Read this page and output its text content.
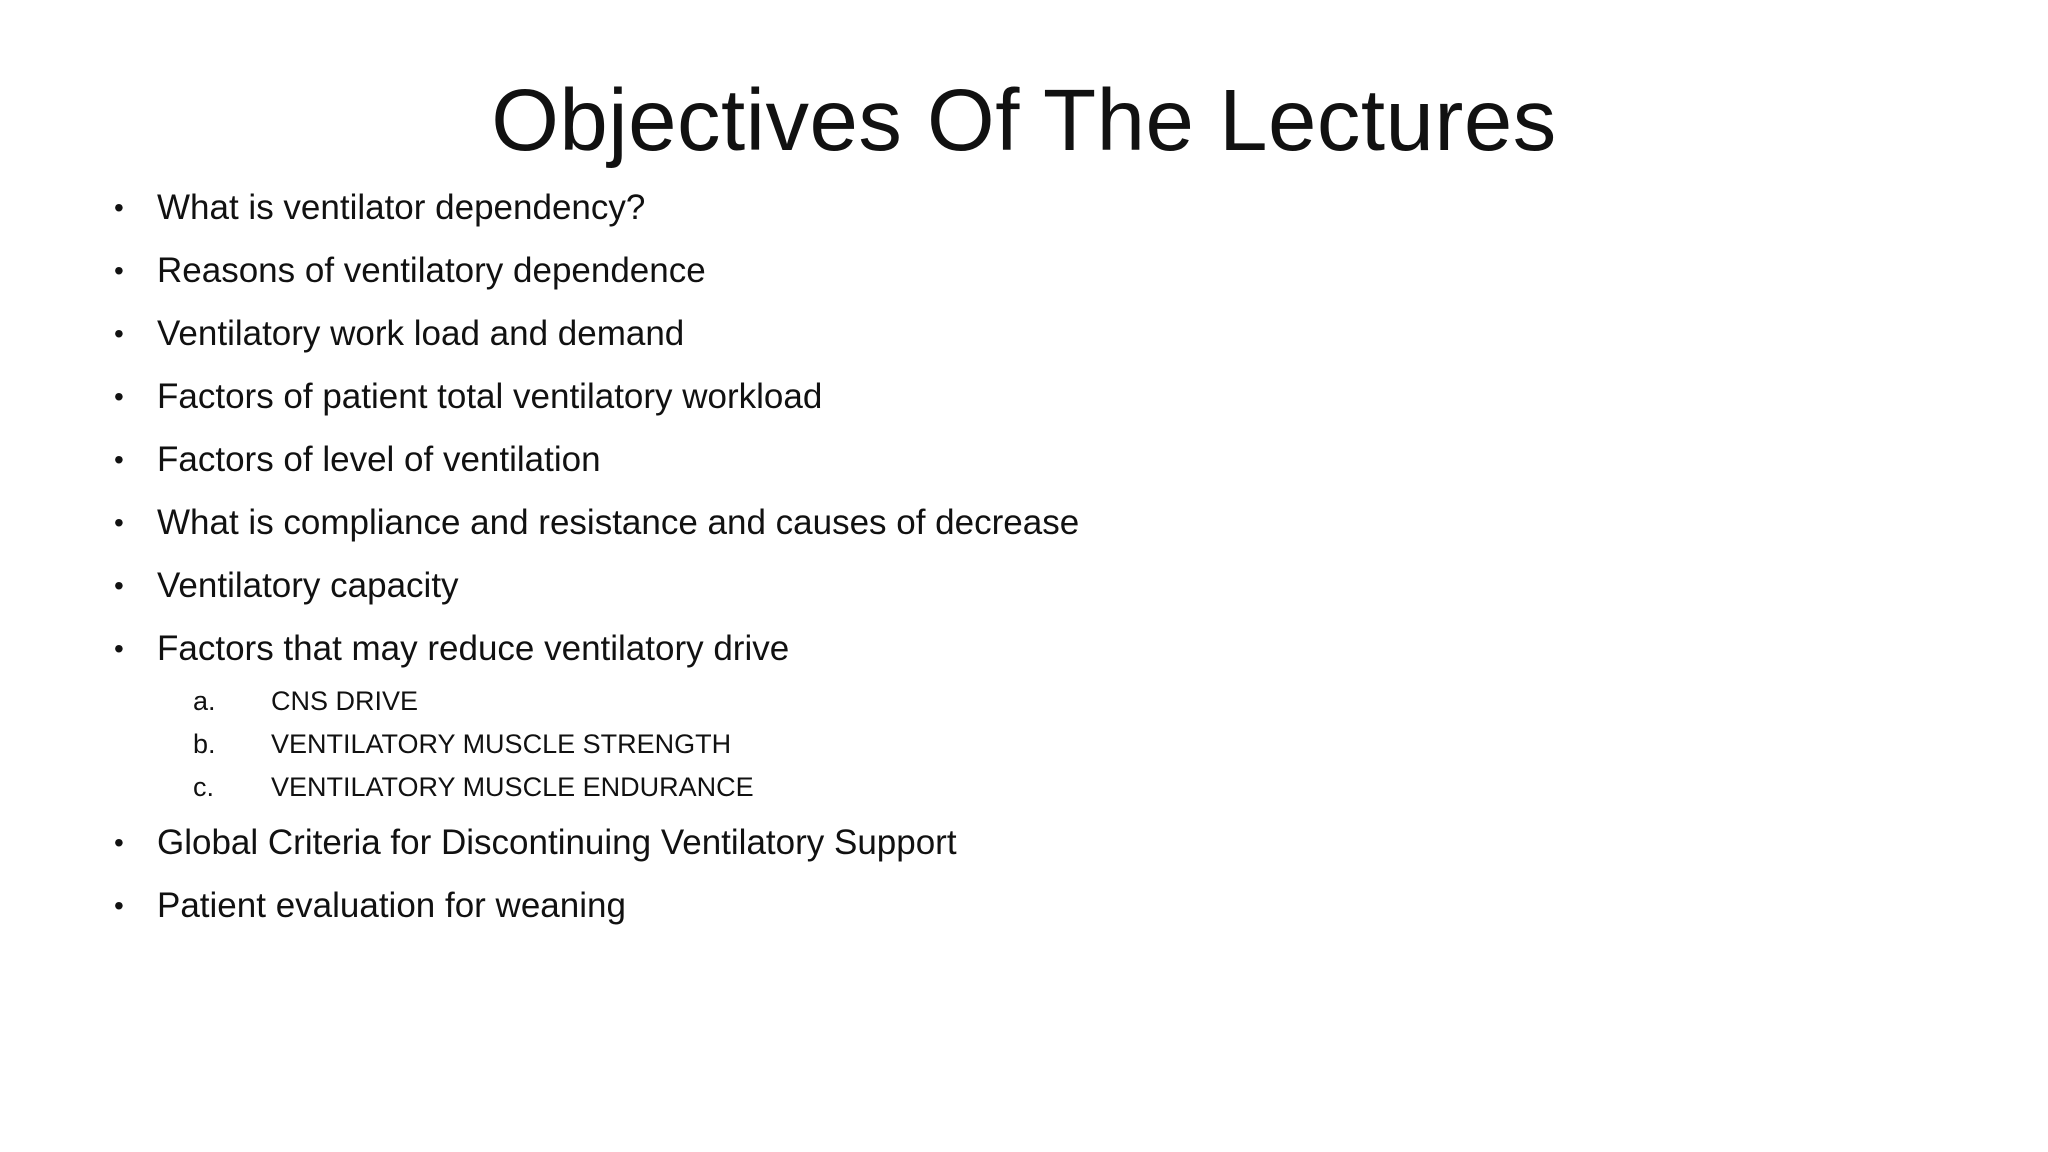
Objectives Of The Lectures
• What is ventilator dependency?
• Reasons of ventilatory dependence
• Ventilatory work load and demand
• Factors of patient total ventilatory workload
• Factors of level of ventilation
• What is compliance and resistance and causes of decrease
• Ventilatory capacity
• Factors that may reduce ventilatory drive
a. CNS DRIVE
b. VENTILATORY MUSCLE STRENGTH
c. VENTILATORY MUSCLE ENDURANCE
• Global Criteria for Discontinuing Ventilatory Support
• Patient evaluation for weaning
